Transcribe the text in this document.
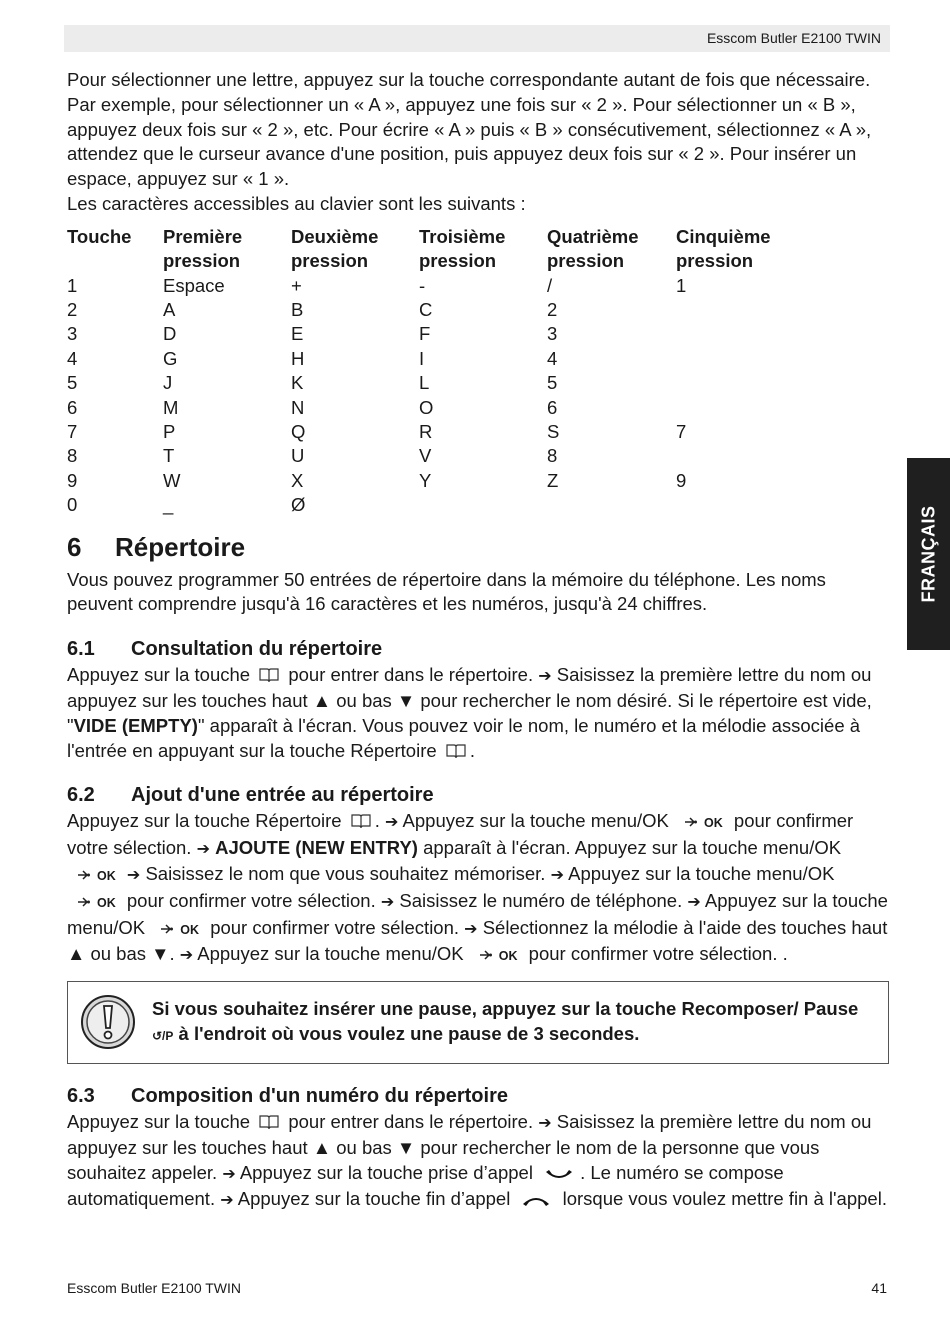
Esscom Butler E2100 TWIN
FRANÇAIS

Pour sélectionner une lettre, appuyez sur la touche correspondante autant de fois que nécessaire. Par exemple, pour sélectionner un « A », appuyez une fois sur « 2 ». Pour sélectionner un « B », appuyez deux fois sur « 2 », etc. Pour écrire « A » puis « B » consécutivement, sélectionnez « A », attendez que le curseur avance d'une position, puis appuyez deux fois sur « 2 ». Pour insérer un espace, appuyez sur « 1 ».

Les caractères accessibles au clavier sont les suivants :

Touche	Première pression	Deuxième pression	Troisième pression	Quatrième pression	Cinquième pression
1	Espace	+	-	/	1
2	A	B	C	2	
3	D	E	F	3	
4	G	H	I	4	
5	J	K	L	5	
6	M	N	O	6	
7	P	Q	R	S	7
8	T	U	V	8	
9	W	X	Y	Z	9
0	_	Ø			
6 Répertoire

Vous pouvez programmer 50 entrées de répertoire dans la mémoire du téléphone. Les noms peuvent comprendre jusqu'à 16 caractères et les numéros, jusqu'à 24 chiffres.

6.1 Consultation du répertoire

Appuyez sur la touche pour entrer dans le répertoire. ➔ Saisissez la première lettre du nom ou appuyez sur les touches haut ▲ ou bas ▼ pour rechercher le nom désiré. Si le répertoire est vide, "VIDE (EMPTY)" apparaît à l'écran. Vous pouvez voir le nom, le numéro et la mélodie associée à l'entrée en appuyant sur la touche Répertoire .

6.2 Ajout d'une entrée au répertoire

Appuyez sur la touche Répertoire . ➔ Appuyez sur la touche menu/OK	OK pour confirmer votre sélection. ➔ AJOUTE (NEW ENTRY) apparaît à l'écran. Appuyez sur la touche menu/OK OK ➔ Saisissez le nom que vous souhaitez mémoriser. ➔ Appuyez sur la touche menu/OK OK pour confirmer votre sélection. ➔ Saisissez le numéro de téléphone. ➔ Appuyez sur la touche menu/OK	OK pour confirmer votre sélection. ➔ Sélectionnez la mélodie à l'aide des touches haut ▲ ou bas ▼. ➔ Appuyez sur la touche menu/OK	OK pour confirmer votre sélection. .

Si vous souhaitez insérer une pause, appuyez sur la touche Recomposer/ Pause ↺/P à l'endroit où vous voulez une pause de 3 secondes.
6.3 Composition d'un numéro du répertoire

Appuyez sur la touche pour entrer dans le répertoire. ➔ Saisissez la première lettre du nom ou appuyez sur les touches haut ▲ ou bas ▼ pour rechercher le nom de la personne que vous souhaitez appeler. ➔ Appuyez sur la touche prise d’appel	. Le numéro se compose automatiquement. ➔ Appuyez sur la touche fin d’appel	lorsque vous voulez mettre fin à l'appel.

Esscom Butler E2100 TWIN	41
